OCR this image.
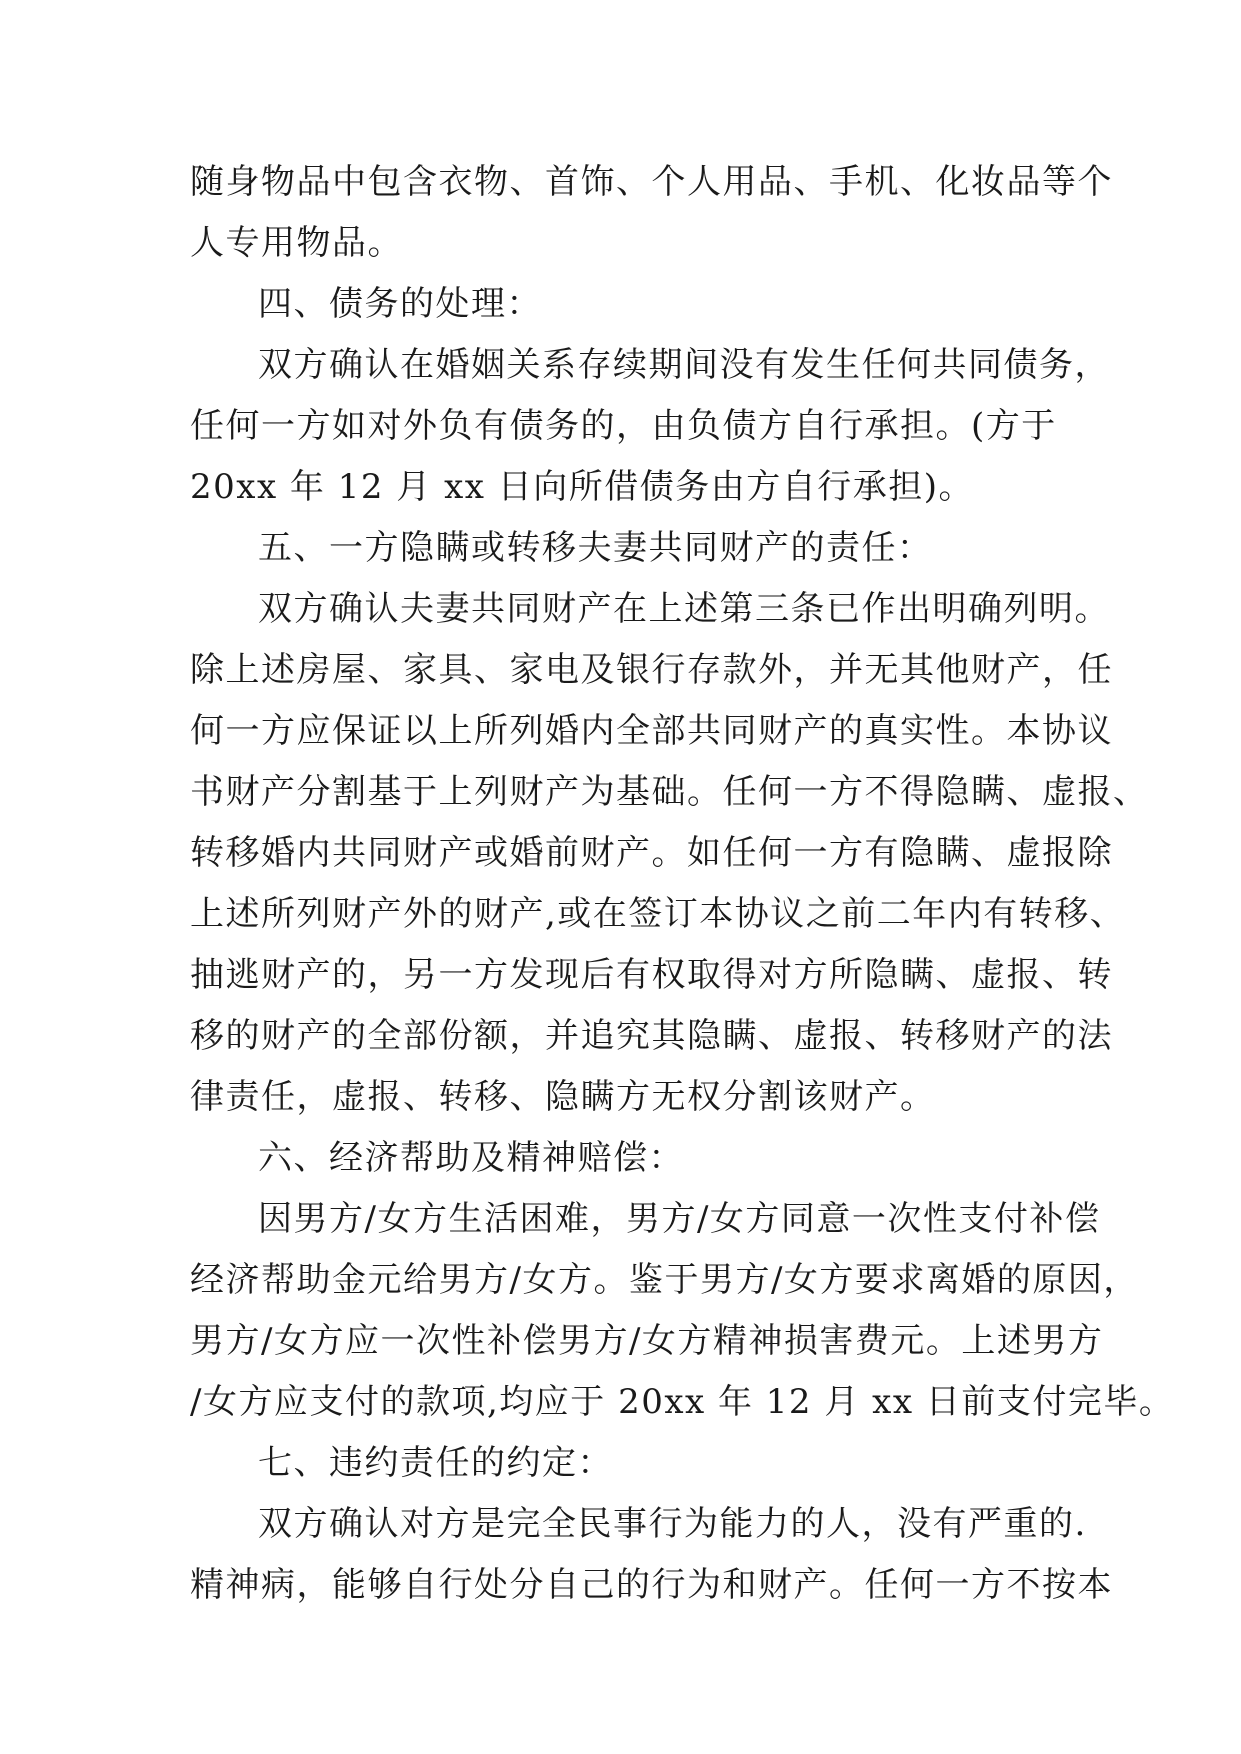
随身物品中包含衣物、首饰、个人用品、手机、化妆品等个
人专用物品。
四、债务的处理：
双方确认在婚姻关系存续期间没有发生任何共同债务，
任何一方如对外负有债务的，由负债方自行承担。(方于
20xx 年 12 月 xx 日向所借债务由方自行承担)。
五、一方隐瞒或转移夫妻共同财产的责任：
双方确认夫妻共同财产在上述第三条已作出明确列明。
除上述房屋、家具、家电及银行存款外，并无其他财产，任
何一方应保证以上所列婚内全部共同财产的真实性。本协议
书财产分割基于上列财产为基础。任何一方不得隐瞒、虚报、
转移婚内共同财产或婚前财产。如任何一方有隐瞒、虚报除
上述所列财产外的财产,或在签订本协议之前二年内有转移、
抽逃财产的，另一方发现后有权取得对方所隐瞒、虚报、转
移的财产的全部份额，并追究其隐瞒、虚报、转移财产的法
律责任，虚报、转移、隐瞒方无权分割该财产。
六、经济帮助及精神赔偿：
因男方/女方生活困难，男方/女方同意一次性支付补偿
经济帮助金元给男方/女方。鉴于男方/女方要求离婚的原因，
男方/女方应一次性补偿男方/女方精神损害费元。上述男方
/女方应支付的款项,均应于 20xx 年 12 月 xx 日前支付完毕。
七、违约责任的约定：
双方确认对方是完全民事行为能力的人，没有严重的.
精神病，能够自行处分自己的行为和财产。任何一方不按本
